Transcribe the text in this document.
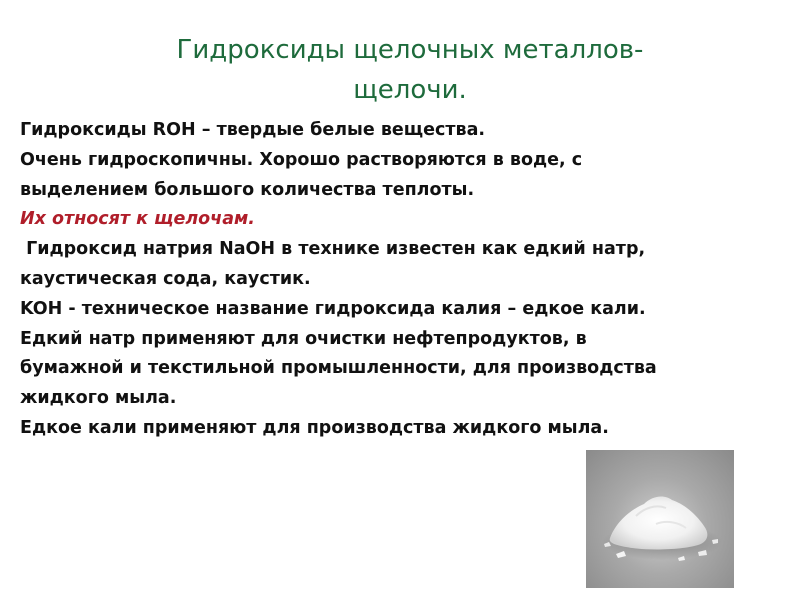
Гидроксиды щелочных металлов-
щелочи.
Гидроксиды ROH – твердые белые вещества.
Очень гидроскопичны. Хорошо растворяются в воде, с
выделением большого количества теплоты.
Их относят к щелочам.
Гидроксид натрия NaOH в технике известен как едкий натр,
каустическая сода, каустик.
KOH - техническое название гидроксида калия – едкое кали.
Едкий натр применяют для очистки нефтепродуктов, в
бумажной и текстильной промышленности, для производства
жидкого мыла.
Едкое кали применяют для производства жидкого мыла.
